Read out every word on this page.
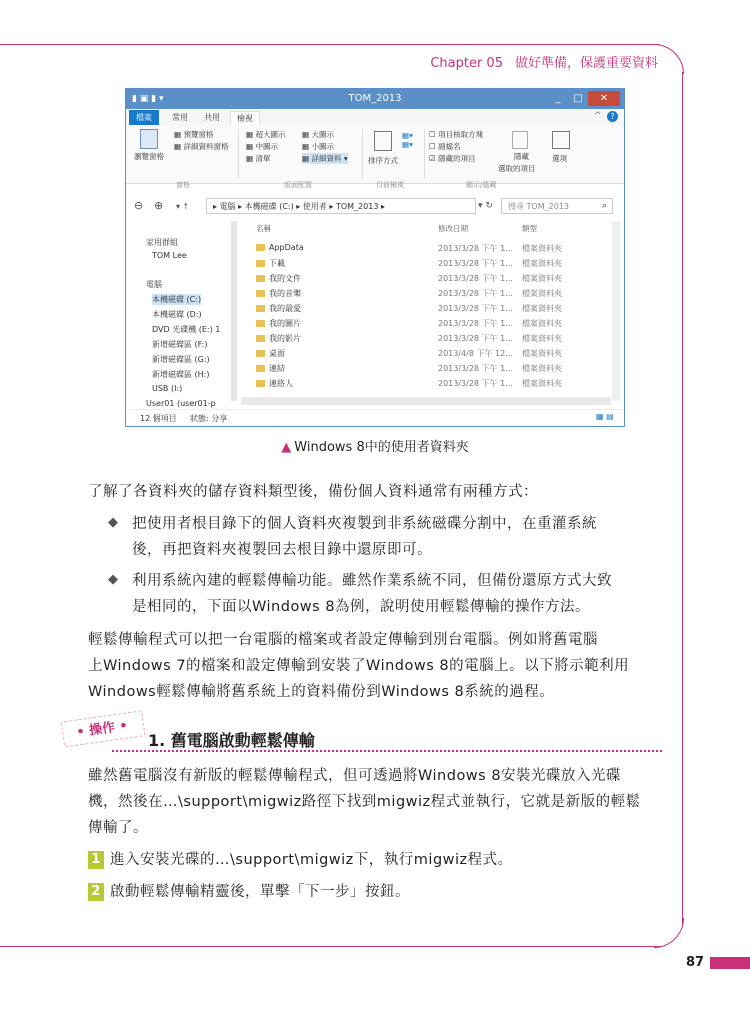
Chapter 05 做好準備，保護重要資料
▮ ▣ ▮ ▾	TOM_2013	_	□	✕
檔案	常用	共用	檢視	^	?
瀏覽窗格
▦ 預覽窗格
▦ 詳細資料窗格
▦ 超大圖示 ▦ 大圖示
▦ 中圖示	▦ 小圖示
▦ 清單	▦ 詳細資料 ▾	排序方式
▦▾
▦▾
☐ 項目核取方塊
☐ 副檔名
☑ 隱藏的項目	隱藏
選取的項目
選項
窗格	版面配置	目前檢視	顯示/隱藏
⊖ ⊕ ▾ ↑	▸ 電腦 ▸ 本機磁碟 (C:) ▸ 使用者 ▸ TOM_2013 ▸	▾ ↻	搜尋 TOM_2013	⌕
家用群組
TOM Lee
電腦
本機磁碟 (C:)
本機磁碟 (D:)
DVD 光碟機 (E:) 1
新增磁碟區 (F:)
新增磁碟區 (G:)
新增磁碟區 (H:)
USB (I:)
User01 (user01-p
名稱	修改日期	類型
12 個項目 狀態: 分享	▦ ▤
AppData	2013/3/28 下午 1... 檔案資料夾
下載	2013/3/28 下午 1... 檔案資料夾
我的文件	2013/3/28 下午 1... 檔案資料夾
我的音樂	2013/3/28 下午 1... 檔案資料夾
我的最愛	2013/3/28 下午 1... 檔案資料夾
我的圖片	2013/3/28 下午 1... 檔案資料夾
我的影片	2013/3/28 下午 1... 檔案資料夾
桌面	2013/4/8 下午 12... 檔案資料夾
連結	2013/3/28 下午 1... 檔案資料夾
連絡人	2013/3/28 下午 1... 檔案資料夾
▲ Windows 8中的使用者資料夾
了解了各資料夾的儲存資料類型後，備份個人資料通常有兩種方式：
◆ 把使用者根目錄下的個人資料夾複製到非系統磁碟分割中，在重灌系統
後，再把資料夾複製回去根目錄中還原即可。
◆ 利用系統內建的輕鬆傳輸功能。雖然作業系統不同，但備份還原方式大致
是相同的，下面以Windows 8為例，說明使用輕鬆傳輸的操作方法。
輕鬆傳輸程式可以把一台電腦的檔案或者設定傳輸到別台電腦。例如將舊電腦
上Windows 7的檔案和設定傳輸到安裝了Windows 8的電腦上。以下將示範利用
Windows輕鬆傳輸將舊系統上的資料備份到Windows 8系統的過程。
• 操作 •
1. 舊電腦啟動輕鬆傳輸
雖然舊電腦沒有新版的輕鬆傳輸程式，但可透過將Windows 8安裝光碟放入光碟
機，然後在…\support\migwiz路徑下找到migwiz程式並執行，它就是新版的輕鬆
傳輸了。
1 進入安裝光碟的…\support\migwiz下，執行migwiz程式。
2 啟動輕鬆傳輸精靈後，單擊「下一步」按鈕。
87
